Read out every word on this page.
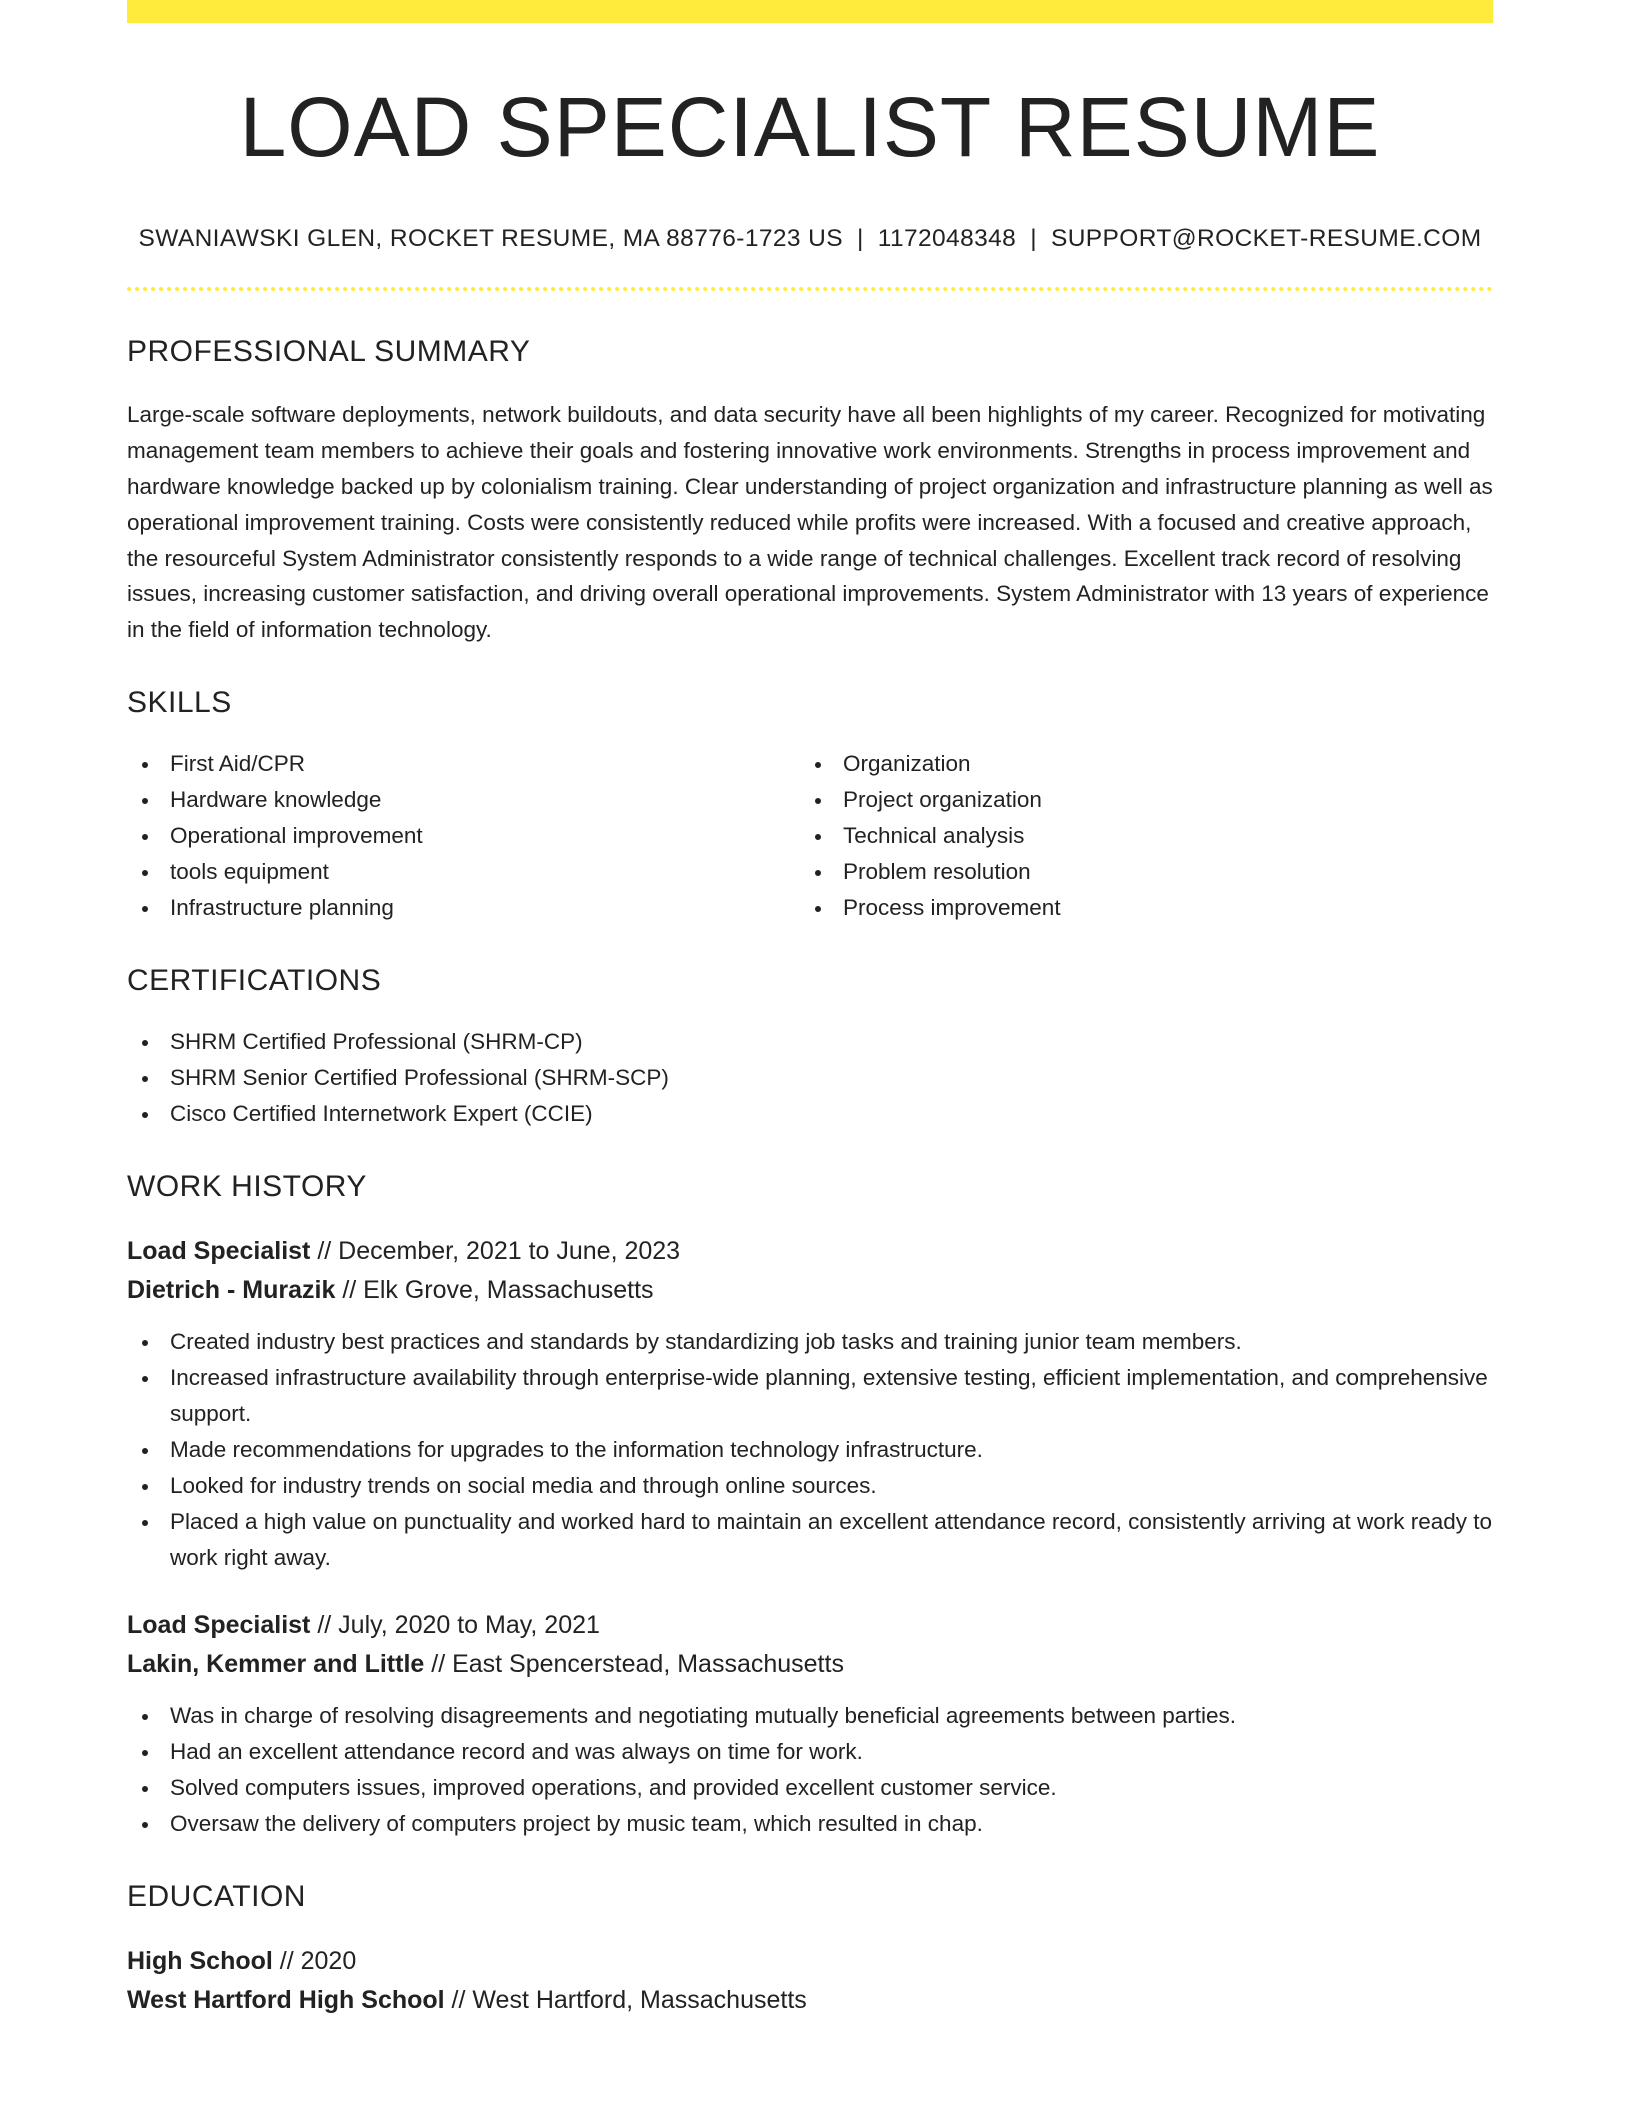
LOAD SPECIALIST RESUME
SWANIAWSKI GLEN, ROCKET RESUME, MA 88776-1723 US | 1172048348 | SUPPORT@ROCKET-RESUME.COM
PROFESSIONAL SUMMARY

Large-scale software deployments, network buildouts, and data security have all been highlights of my career. Recognized for motivating management team members to achieve their goals and fostering innovative work environments. Strengths in process improvement and hardware knowledge backed up by colonialism training. Clear understanding of project organization and infrastructure planning as well as operational improvement training. Costs were consistently reduced while profits were increased. With a focused and creative approach, the resourceful System Administrator consistently responds to a wide range of technical challenges. Excellent track record of resolving issues, increasing customer satisfaction, and driving overall operational improvements. System Administrator with 13 years of experience in the field of information technology.

SKILLS
First Aid/CPR
Hardware knowledge
Operational improvement
tools equipment
Infrastructure planning
Organization
Project organization
Technical analysis
Problem resolution
Process improvement
CERTIFICATIONS
SHRM Certified Professional (SHRM-CP)
SHRM Senior Certified Professional (SHRM-SCP)
Cisco Certified Internetwork Expert (CCIE)
WORK HISTORY
Load Specialist // December, 2021 to June, 2023
Dietrich - Murazik // Elk Grove, Massachusetts
Created industry best practices and standards by standardizing job tasks and training junior team members.
Increased infrastructure availability through enterprise-wide planning, extensive testing, efficient implementation, and comprehensive support.
Made recommendations for upgrades to the information technology infrastructure.
Looked for industry trends on social media and through online sources.
Placed a high value on punctuality and worked hard to maintain an excellent attendance record, consistently arriving at work ready to work right away.
Load Specialist // July, 2020 to May, 2021
Lakin, Kemmer and Little // East Spencerstead, Massachusetts
Was in charge of resolving disagreements and negotiating mutually beneficial agreements between parties.
Had an excellent attendance record and was always on time for work.
Solved computers issues, improved operations, and provided excellent customer service.
Oversaw the delivery of computers project by music team, which resulted in chap.
EDUCATION
High School // 2020
West Hartford High School // West Hartford, Massachusetts
